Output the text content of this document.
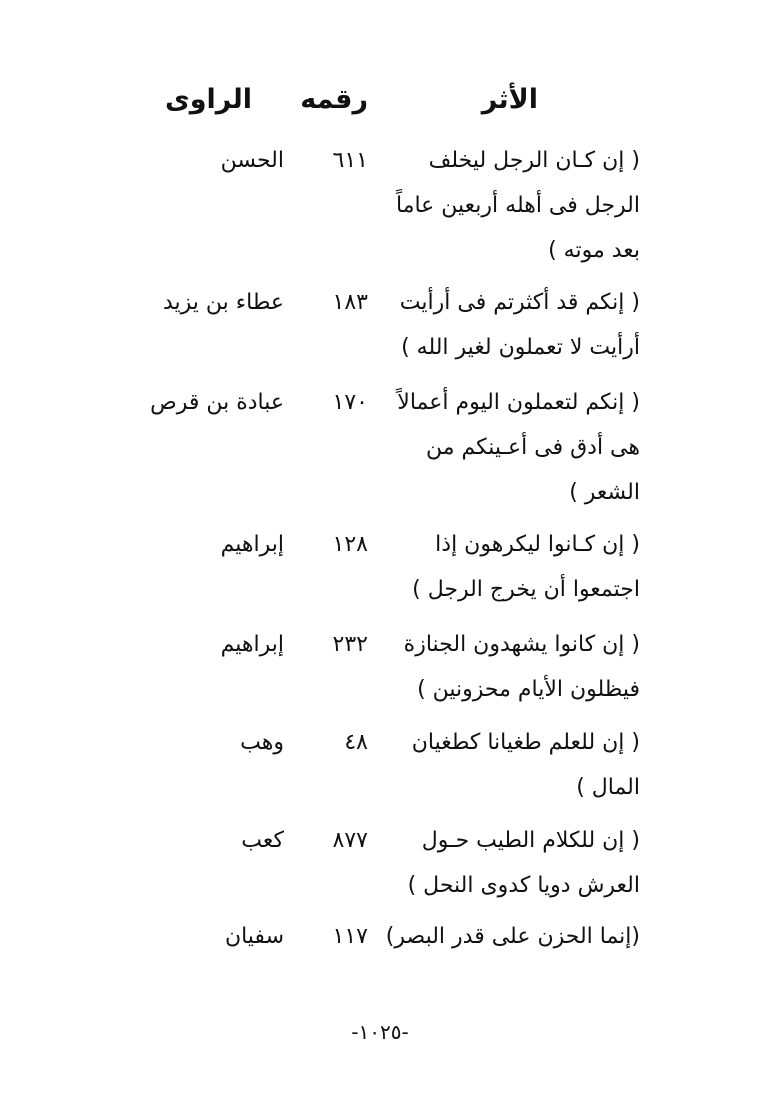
الأثر
رقمه
الراوى
( إن كـان الرجل ليخلف
الرجل فى أهله أربعين عاماً
بعد موته )
٦١١
الحسن
( إنكم قد أكثرتم فى أرأيت
أرأيت لا تعملون لغير الله )
١٨٣
عطاء بن يزيد
( إنكم لتعملون اليوم أعمالاً
هى أدق فى أعـينكم من
الشعر )
١٧٠
عبادة بن قرص
( إن كـانوا ليكرهون إذا
اجتمعوا أن يخرج الرجل )
١٢٨
إبراهيم
( إن كانوا يشهدون الجنازة
فيظلون الأيام محزونين )
٢٣٢
إبراهيم
( إن للعلم طغيانا كطغيان
المال )
٤٨
وهب
( إن للكلام الطيب حـول
العرش دويا كدوى النحل )
٨٧٧
كعب
(إنما الحزن على قدر البصر)
١١٧
سفيان
-١٠٢٥-
